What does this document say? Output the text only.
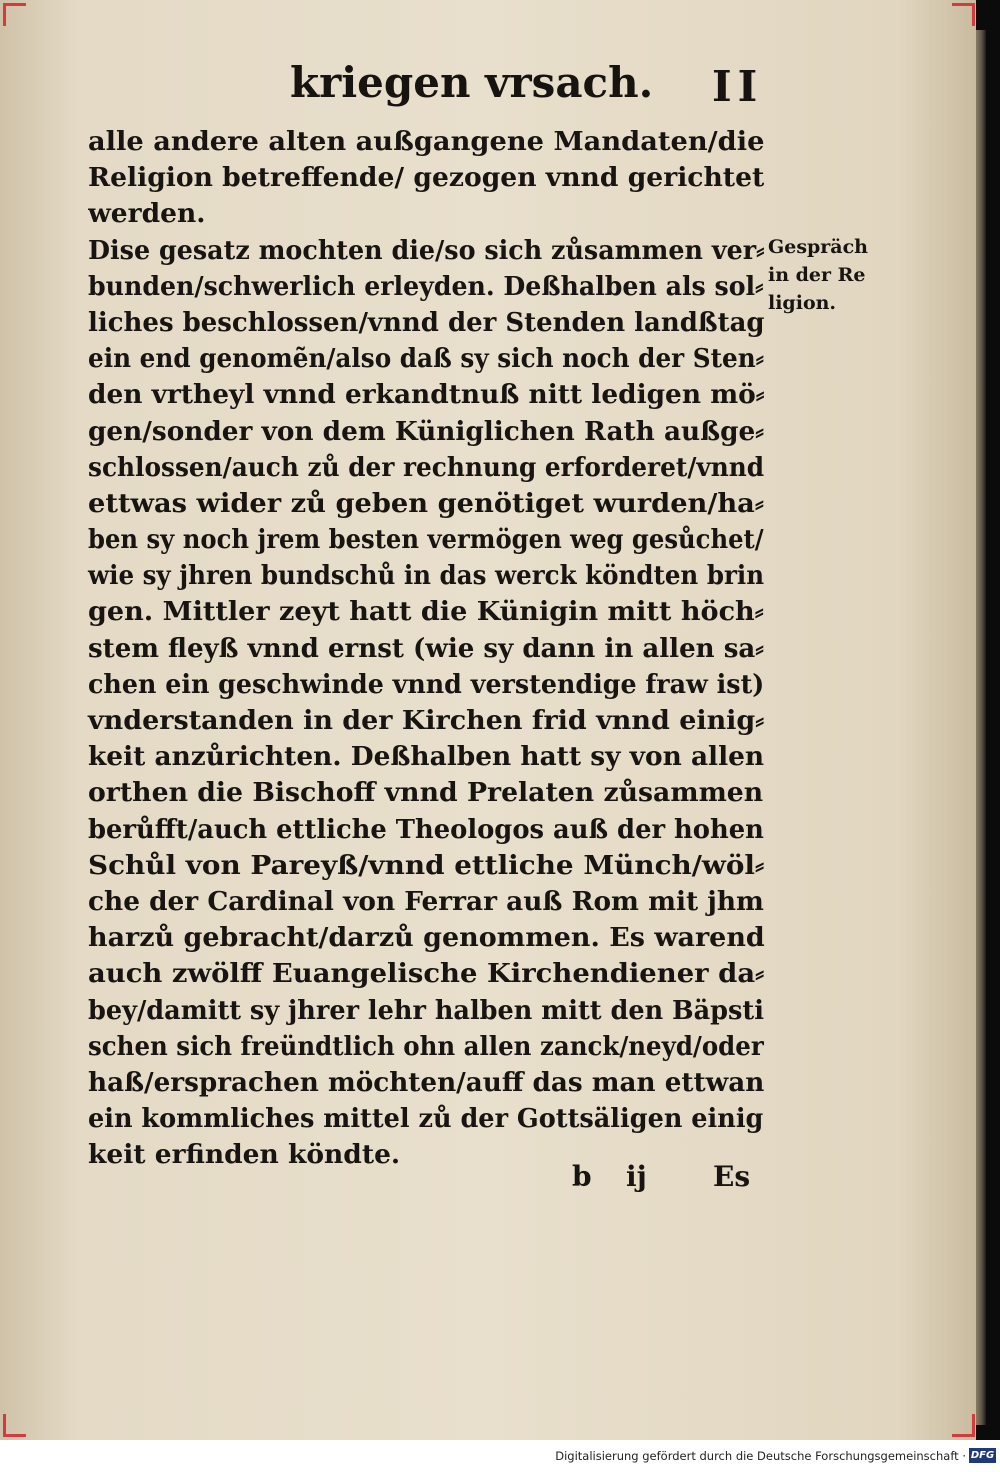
kriegen vrsach.	II
alle andere alten außgangene Mandaten/die
Religion betreffende/ gezogen vnnd gerichtet
werden.
Dise gesatz mochten die/so sich zůsammen ver⸗
bunden/schwerlich erleyden. Deßhalben als sol⸗
liches beschlossen/vnnd der Stenden landßtag
ein end genomẽn/also daß sy sich noch der Sten⸗
den vrtheyl vnnd erkandtnuß nitt ledigen mö⸗
gen/sonder von dem Küniglichen Rath außge⸗
schlossen/auch zů der rechnung erforderet/vnnd
ettwas wider zů geben genötiget wurden/ha⸗
ben sy noch jrem besten vermögen weg gesůchet/
wie sy jhren bundschů in das werck köndten brin
gen. Mittler zeyt hatt die Künigin mitt höch⸗
stem fleyß vnnd ernst (wie sy dann in allen sa⸗
chen ein geschwinde vnnd verstendige fraw ist)
vnderstanden in der Kirchen frid vnnd einig⸗
keit anzůrichten. Deßhalben hatt sy von allen
orthen die Bischoff vnnd Prelaten zůsammen
berůfft/auch ettliche Theologos auß der hohen
Schůl von Pareyß/vnnd ettliche Münch/wöl⸗
che der Cardinal von Ferrar auß Rom mit jhm
harzů gebracht/darzů genommen. Es warend
auch zwölff Euangelische Kirchendiener da⸗
bey/damitt sy jhrer lehr halben mitt den Bäpsti
schen sich freündtlich ohn allen zanck/neyd/oder
haß/ersprachen möchten/auff das man ettwan
ein kommliches mittel zů der Gottsäligen einig
keit erfinden köndte.
Gespräch
in der Re
ligion.
b ij Es
Digitalisierung gefördert durch die Deutsche Forschungsgemeinschaft · DFG
